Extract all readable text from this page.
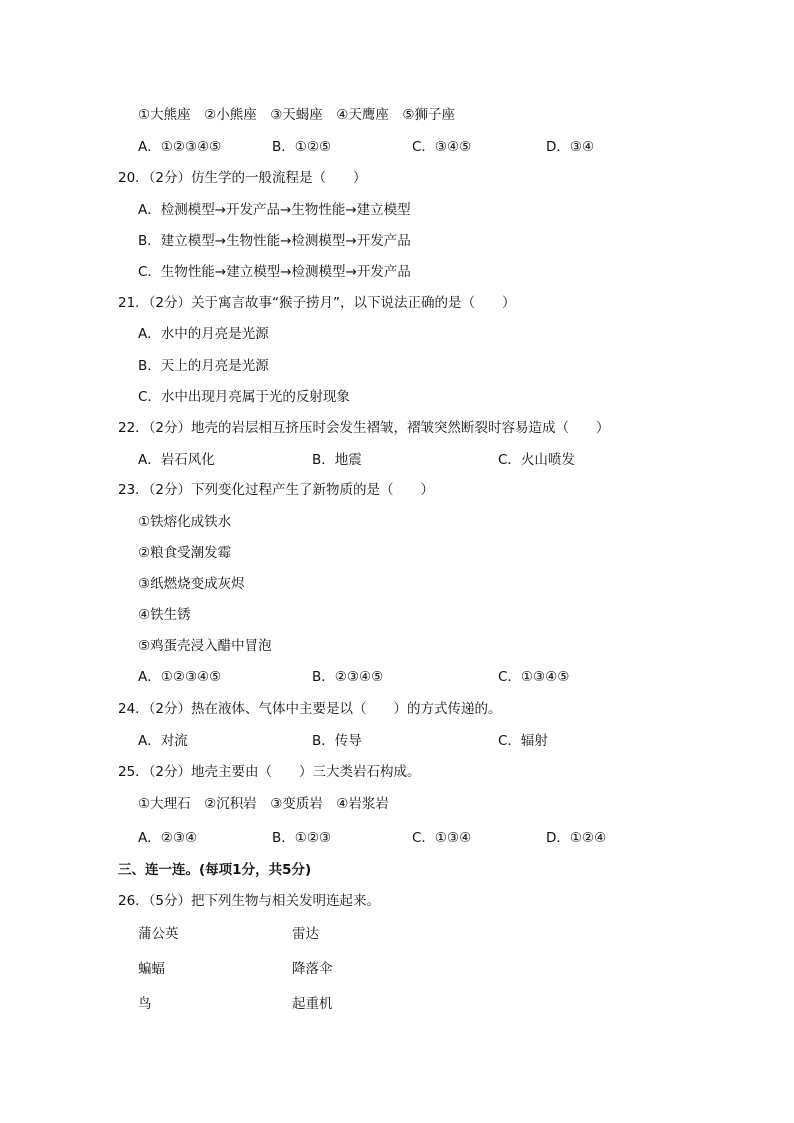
①大熊座　②小熊座　③天蝎座　④天鹰座　⑤狮子座
A．①②③④⑤	B．①②⑤	C．③④⑤	D．③④
20．（2分）仿生学的一般流程是（　　）
A．检测模型→开发产品→生物性能→建立模型
B．建立模型→生物性能→检测模型→开发产品
C．生物性能→建立模型→检测模型→开发产品
21．（2分）关于寓言故事“猴子捞月”，以下说法正确的是（　　）
A．水中的月亮是光源
B．天上的月亮是光源
C．水中出现月亮属于光的反射现象
22．（2分）地壳的岩层相互挤压时会发生褶皱，褶皱突然断裂时容易造成（　　）
A．岩石风化	B．地震	C．火山喷发
23．（2分）下列变化过程产生了新物质的是（　　）
①铁熔化成铁水
②粮食受潮发霉
③纸燃烧变成灰烬
④铁生锈
⑤鸡蛋壳浸入醋中冒泡
A．①②③④⑤	B．②③④⑤	C．①③④⑤
24．（2分）热在液体、气体中主要是以（　　）的方式传递的。
A．对流	B．传导	C．辐射
25．（2分）地壳主要由（　　）三大类岩石构成。
①大理石　②沉积岩　③变质岩　④岩浆岩
A．②③④	B．①②③	C．①③④	D．①②④
三、连一连。(每项1分，共5分)
26．（5分）把下列生物与相关发明连起来。
蒲公英	雷达
蝙蝠	降落伞
鸟	起重机
